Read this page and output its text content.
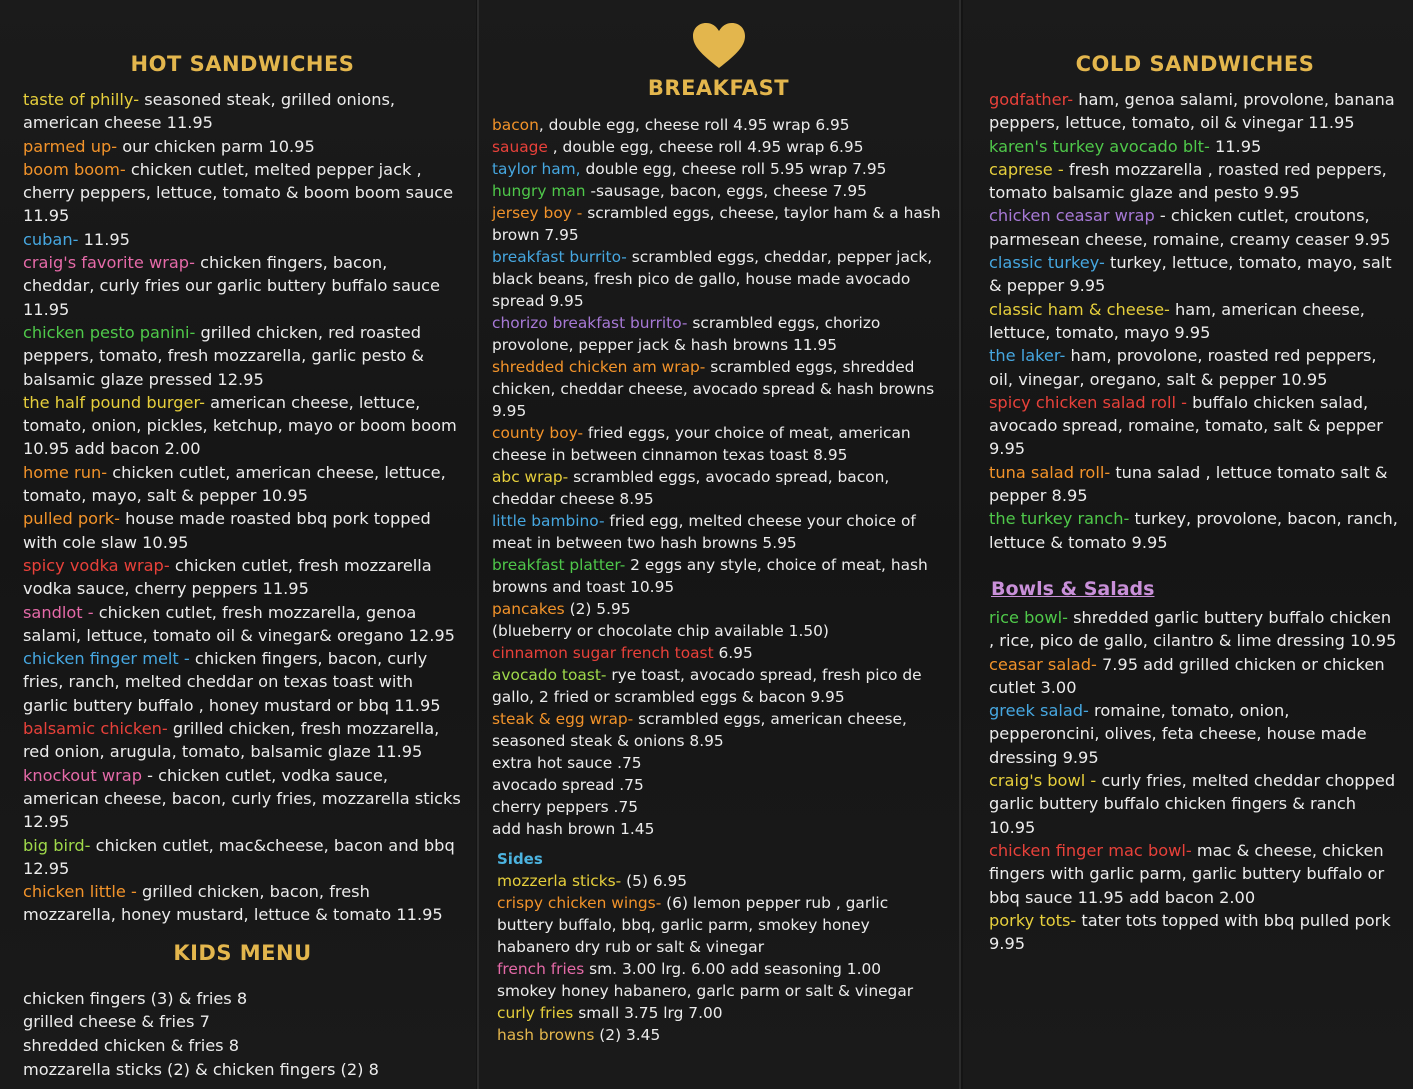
HOT SANDWICHES

taste of philly- seasoned steak, grilled onions, american cheese 11.95

parmed up- our chicken parm 10.95

boom boom- chicken cutlet, melted pepper jack , cherry peppers, lettuce, tomato & boom boom sauce 11.95

cuban- 11.95

craig's favorite wrap- chicken fingers, bacon, cheddar, curly fries our garlic buttery buffalo sauce 11.95

chicken pesto panini- grilled chicken, red roasted peppers, tomato, fresh mozzarella, garlic pesto & balsamic glaze pressed 12.95

the half pound burger- american cheese, lettuce, tomato, onion, pickles, ketchup, mayo or boom boom 10.95 add bacon 2.00

home run- chicken cutlet, american cheese, lettuce, tomato, mayo, salt & pepper 10.95

pulled pork- house made roasted bbq pork topped with cole slaw 10.95

spicy vodka wrap- chicken cutlet, fresh mozzarella vodka sauce, cherry peppers 11.95

sandlot - chicken cutlet, fresh mozzarella, genoa salami, lettuce, tomato oil & vinegar& oregano 12.95

chicken finger melt - chicken fingers, bacon, curly fries, ranch, melted cheddar on texas toast with garlic buttery buffalo , honey mustard or bbq 11.95

balsamic chicken- grilled chicken, fresh mozzarella, red onion, arugula, tomato, balsamic glaze 11.95

knockout wrap - chicken cutlet, vodka sauce, american cheese, bacon, curly fries, mozzarella sticks 12.95

big bird- chicken cutlet, mac&cheese, bacon and bbq 12.95

chicken little - grilled chicken, bacon, fresh mozzarella, honey mustard, lettuce & tomato 11.95

KIDS MENU

chicken fingers (3) & fries 8

grilled cheese & fries 7

shredded chicken & fries 8

mozzarella sticks (2) & chicken fingers (2) 8

BREAKFAST

bacon, double egg, cheese roll 4.95 wrap 6.95

sauage , double egg, cheese roll 4.95 wrap 6.95

taylor ham, double egg, cheese roll 5.95 wrap 7.95

hungry man -sausage, bacon, eggs, cheese 7.95

jersey boy - scrambled eggs, cheese, taylor ham & a hash brown 7.95

breakfast burrito- scrambled eggs, cheddar, pepper jack, black beans, fresh pico de gallo, house made avocado spread 9.95

chorizo breakfast burrito- scrambled eggs, chorizo provolone, pepper jack & hash browns 11.95

shredded chicken am wrap- scrambled eggs, shredded chicken, cheddar cheese, avocado spread & hash browns 9.95

county boy- fried eggs, your choice of meat, american cheese in between cinnamon texas toast 8.95

abc wrap- scrambled eggs, avocado spread, bacon, cheddar cheese 8.95

little bambino- fried egg, melted cheese your choice of meat in between two hash browns 5.95

breakfast platter- 2 eggs any style, choice of meat, hash browns and toast 10.95

pancakes (2) 5.95

(blueberry or chocolate chip available 1.50)

cinnamon sugar french toast 6.95

avocado toast- rye toast, avocado spread, fresh pico de gallo, 2 fried or scrambled eggs & bacon 9.95

steak & egg wrap- scrambled eggs, american cheese, seasoned steak & onions 8.95

extra hot sauce .75

avocado spread .75

cherry peppers .75

add hash brown 1.45

Sides

mozzerla sticks- (5) 6.95

crispy chicken wings- (6) lemon pepper rub , garlic buttery buffalo, bbq, garlic parm, smokey honey habanero dry rub or salt & vinegar

french fries sm. 3.00 lrg. 6.00 add seasoning 1.00 smokey honey habanero, garlc parm or salt & vinegar

curly fries small 3.75 lrg 7.00

hash browns (2) 3.45

COLD SANDWICHES

godfather- ham, genoa salami, provolone, banana peppers, lettuce, tomato, oil & vinegar 11.95

karen's turkey avocado blt- 11.95

caprese - fresh mozzarella , roasted red peppers, tomato balsamic glaze and pesto 9.95

chicken ceasar wrap - chicken cutlet, croutons, parmesean cheese, romaine, creamy ceaser 9.95

classic turkey- turkey, lettuce, tomato, mayo, salt & pepper 9.95

classic ham & cheese- ham, american cheese, lettuce, tomato, mayo 9.95

the laker- ham, provolone, roasted red peppers, oil, vinegar, oregano, salt & pepper 10.95

spicy chicken salad roll - buffalo chicken salad, avocado spread, romaine, tomato, salt & pepper 9.95

tuna salad roll- tuna salad , lettuce tomato salt & pepper 8.95

the turkey ranch- turkey, provolone, bacon, ranch, lettuce & tomato 9.95

Bowls & Salads

rice bowl- shredded garlic buttery buffalo chicken , rice, pico de gallo, cilantro & lime dressing 10.95

ceasar salad- 7.95 add grilled chicken or chicken cutlet 3.00

greek salad- romaine, tomato, onion, pepperoncini, olives, feta cheese, house made dressing 9.95

craig's bowl - curly fries, melted cheddar chopped garlic buttery buffalo chicken fingers & ranch 10.95

chicken finger mac bowl- mac & cheese, chicken fingers with garlic parm, garlic buttery buffalo or bbq sauce 11.95 add bacon 2.00

porky tots- tater tots topped with bbq pulled pork 9.95
